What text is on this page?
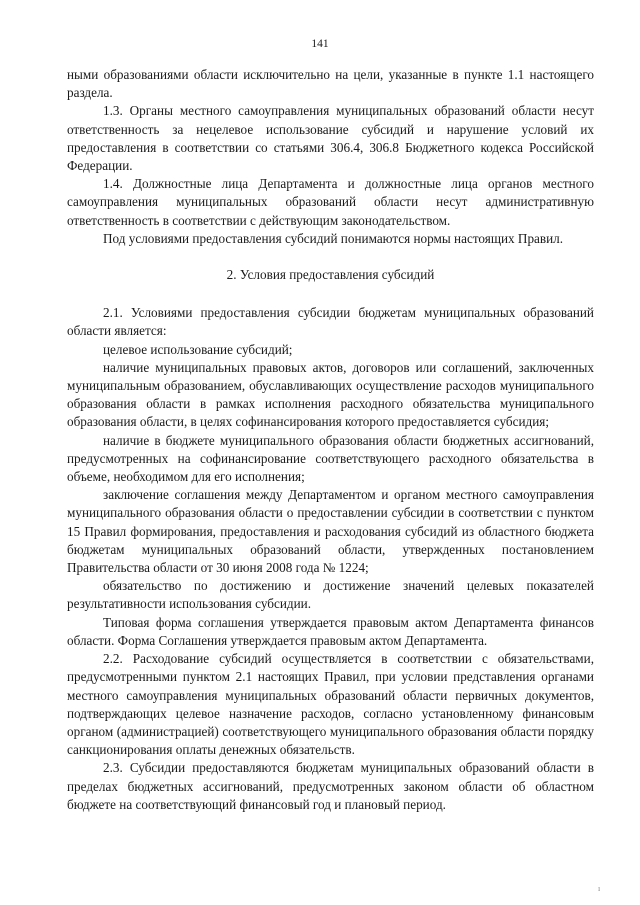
141

ными образованиями области исключительно на цели, указанные в пункте 1.1 настоящего раздела.

1.3. Органы местного самоуправления муниципальных образований области несут ответственность за нецелевое использование субсидий и нарушение условий их предоставления в соответствии со статьями 306.4, 306.8 Бюджетного кодекса Российской Федерации.

1.4. Должностные лица Департамента и должностные лица органов местного самоуправления муниципальных образований области несут административную ответственность в соответствии с действующим законодательством.

Под условиями предоставления субсидий понимаются нормы настоящих Правил.

2. Условия предоставления субсидий

2.1. Условиями предоставления субсидии бюджетам муниципальных образований области является:

целевое использование субсидий;

наличие муниципальных правовых актов, договоров или соглашений, заключенных муниципальным образованием, обуславливающих осуществление расходов муниципального образования области в рамках исполнения расходного обязательства муниципального образования области, в целях софинансирования которого предоставляется субсидия;

наличие в бюджете муниципального образования области бюджетных ассигнований, предусмотренных на софинансирование соответствующего расходного обязательства в объеме, необходимом для его исполнения;

заключение соглашения между Департаментом и органом местного самоуправления муниципального образования области о предоставлении субсидии в соответствии с пунктом 15 Правил формирования, предоставления и расходования субсидий из областного бюджета бюджетам муниципальных образований области, утвержденных постановлением Правительства области от 30 июня 2008 года № 1224;

обязательство по достижению и достижение значений целевых показателей результативности использования субсидии.

Типовая форма соглашения утверждается правовым актом Департамента финансов области. Форма Соглашения утверждается правовым актом Департамента.

2.2. Расходование субсидий осуществляется в соответствии с обязательствами, предусмотренными пунктом 2.1 настоящих Правил, при условии представления органами местного самоуправления муниципальных образований области первичных документов, подтверждающих целевое назначение расходов, согласно установленному финансовым органом (администрацией) соответствующего муниципального образования области порядку санкционирования оплаты денежных обязательств.

2.3. Субсидии предоставляются бюджетам муниципальных образований области в пределах бюджетных ассигнований, предусмотренных законом области об областном бюджете на соответствующий финансовый год и плановый период.

ı
